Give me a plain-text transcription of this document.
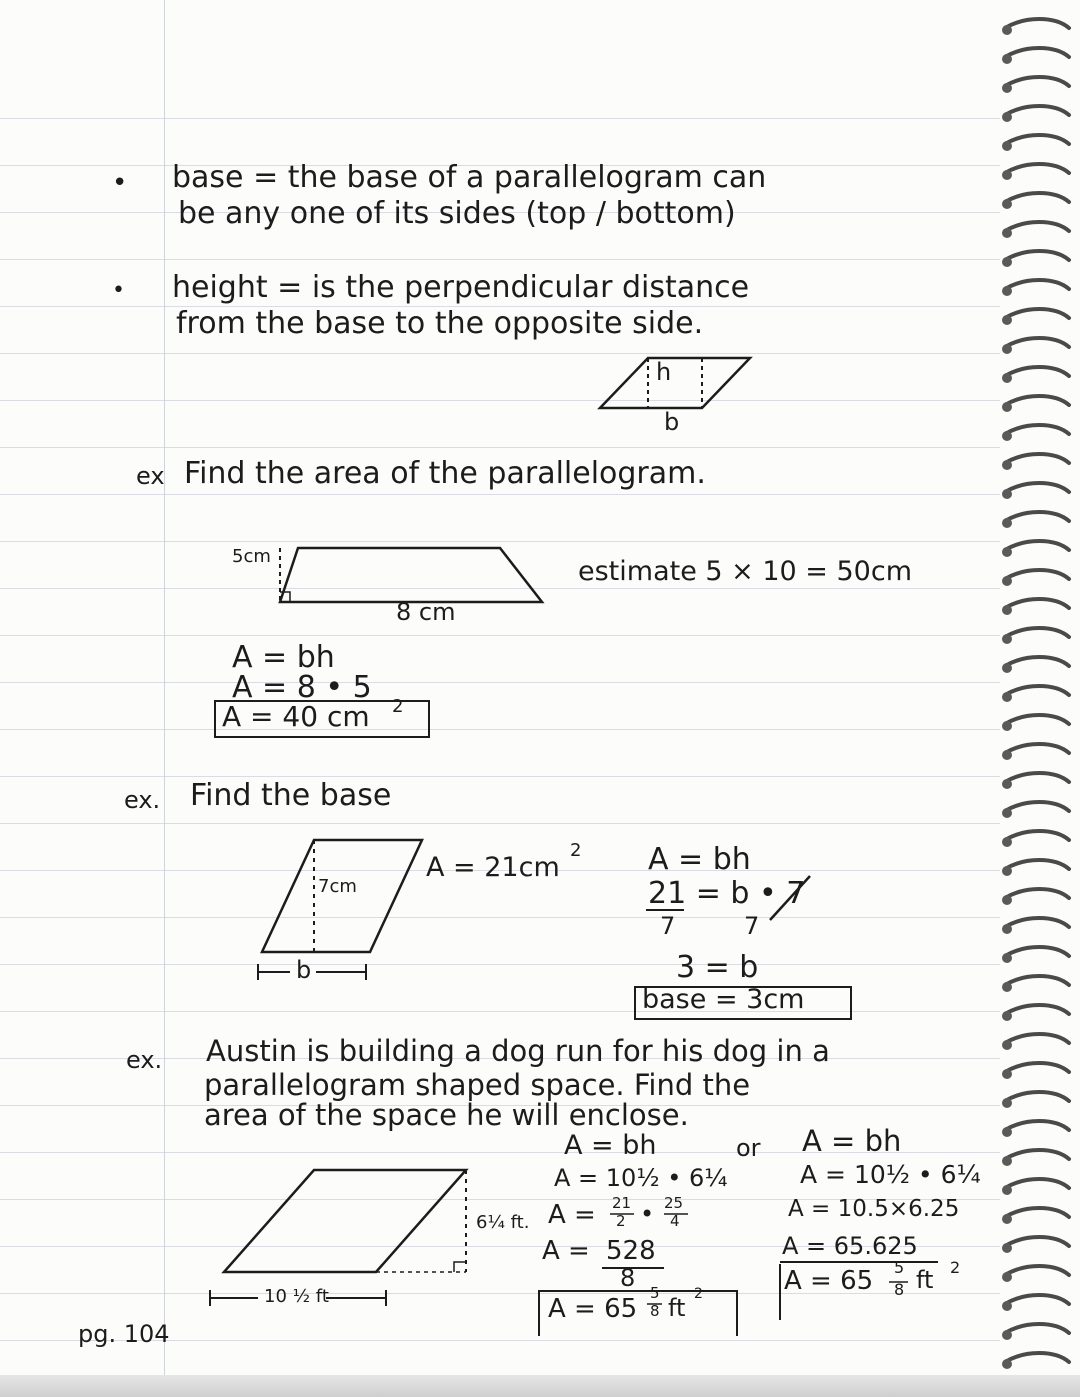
• base = the base of a parallelogram can
be any one of its sides (top / bottom)
• height = is the perpendicular distance
from the base to the opposite side.
h
b
ex Find the area of the parallelogram.
5cm
8 cm
estimate 5 × 10 = 50cm
A = bh
A = 8 • 5
A = 40 cm 2
ex. Find the base
7cm
b
A = 21cm
2 A = bh
21 = b • 7
7	7
3 = b
base = 3cm
ex. Austin is building a dog run for his dog in a
parallelogram shaped space. Find the
area of the space he will enclose.
6¼ ft.
10 ½ ft
A = bh
A = 10½ • 6¼
A = 21
2 • 25
4
A = 528
8
A = 65
5
8 ft 2
or A = bh
A = 10½ • 6¼
A = 10.5×6.25
A = 65.625
A = 65 5
8 ft 2
pg. 104
